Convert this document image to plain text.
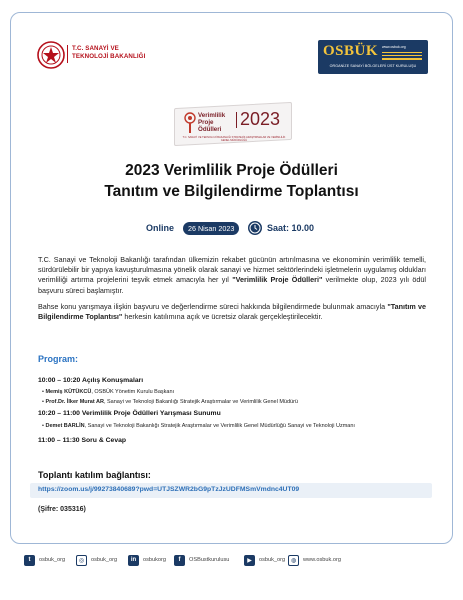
T.C. SANAYİ VE
TEKNOLOJİ BAKANLIĞI	OSBÜK www.osbuk.org
ORGANİZE SANAYİ BÖLGELERİ ÜST KURULUŞU
Verimlilik
Proje
Ödülleri
2023
T.C. SANAYİ VE TEKNOLOJİ BAKANLIĞI STRATEJİK ARAŞTIRMALAR VE VERİMLİLİK GENEL MÜDÜRLÜĞÜ
2023 Verimlilik Proje Ödülleri
Tanıtım ve Bilgilendirme Toplantısı
Online	26 Nisan 2023	Saat: 10.00
T.C. Sanayi ve Teknoloji Bakanlığı tarafından ülkemizin rekabet gücünün artırılmasına ve ekonominin verimlilik temelli, sürdürülebilir bir yapıya kavuşturulmasına yönelik olarak sanayi ve hizmet sektörlerindeki işletmelerin uygulamış oldukları verimliliği artırma projelerini teşvik etmek amacıyla her yıl "Verimlilik Proje Ödülleri" verilmekte olup, 2023 yılı ödül başvuru süreci başlamıştır.
Bahse konu yarışmaya ilişkin başvuru ve değerlendirme süreci hakkında bilgilendirmede bulunmak amacıyla "Tanıtım ve Bilgilendirme Toplantısı" herkesin katılımına açık ve ücretsiz olarak gerçekleştirilecektir.
Program:
10:00 – 10:20 Açılış Konuşmaları
• Memiş KÜTÜKCÜ, OSBÜK Yönetim Kurulu Başkanı
• Prof.Dr. İlker Murat AR, Sanayi ve Teknoloji Bakanlığı Stratejik Araştırmalar ve Verimlilik Genel Müdürü
10:20 – 11:00 Verimlilik Proje Ödülleri Yarışması Sunumu
• Demet BARLİN, Sanayi ve Teknoloji Bakanlığı Stratejik Araştırmalar ve Verimlilik Genel Müdürlüğü Sanayi ve Teknoloji Uzmanı
11:00 – 11:30 Soru & Cevap
Toplantı katılım bağlantısı:
https://zoom.us/j/99273840689?pwd=UTJSZWR2bG9pTzJzUDFMSmVmdnc4UT09
(Şifre: 035316)
t	osbuk_org	◎	osbuk_org	in	osbukorg	f	OSBustkurulusu	▶	osbuk_org ◍	www.osbuk.org
